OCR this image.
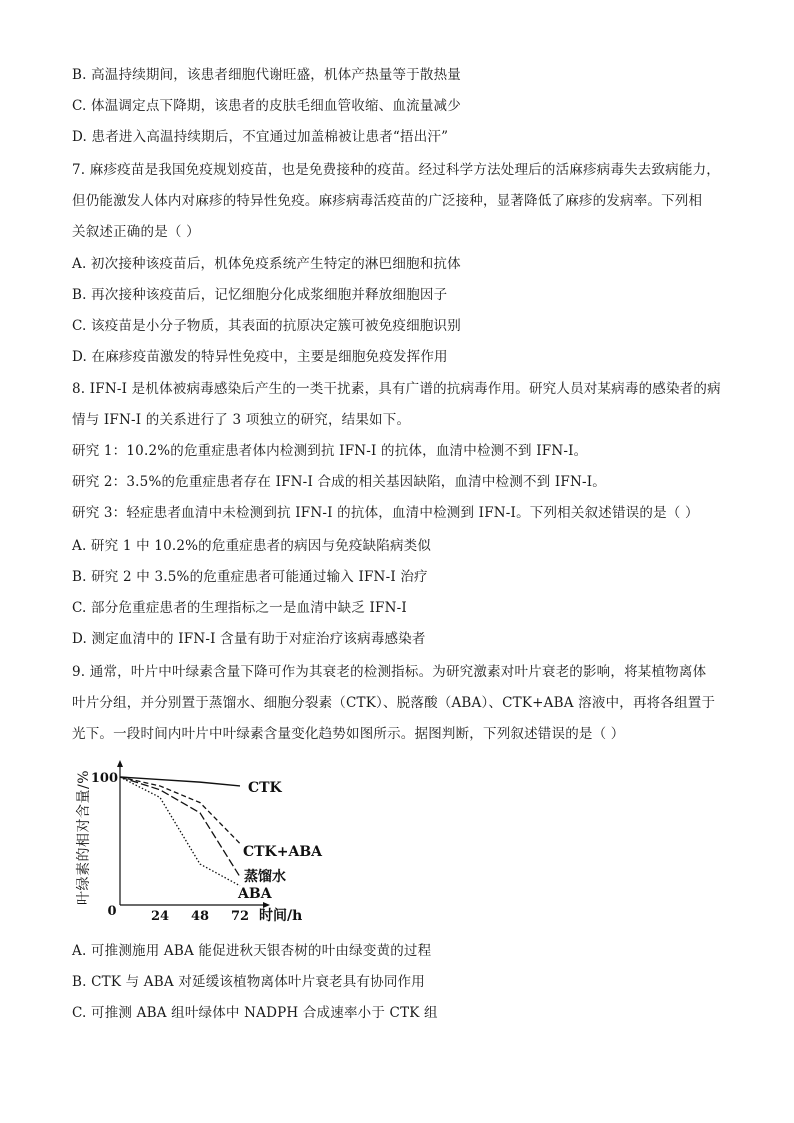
B. 高温持续期间，该患者细胞代谢旺盛，机体产热量等于散热量
C. 体温调定点下降期，该患者的皮肤毛细血管收缩、血流量减少
D. 患者进入高温持续期后，不宜通过加盖棉被让患者“捂出汗”
7. 麻疹疫苗是我国免疫规划疫苗，也是免费接种的疫苗。经过科学方法处理后的活麻疹病毒失去致病能力，
但仍能激发人体内对麻疹的特异性免疫。麻疹病毒活疫苗的广泛接种，显著降低了麻疹的发病率。下列相
关叙述正确的是（ ）
A. 初次接种该疫苗后，机体免疫系统产生特定的淋巴细胞和抗体
B. 再次接种该疫苗后，记忆细胞分化成浆细胞并释放细胞因子
C. 该疫苗是小分子物质，其表面的抗原决定簇可被免疫细胞识别
D. 在麻疹疫苗激发的特异性免疫中，主要是细胞免疫发挥作用
8. IFN-I 是机体被病毒感染后产生的一类干扰素，具有广谱的抗病毒作用。研究人员对某病毒的感染者的病
情与 IFN-I 的关系进行了 3 项独立的研究，结果如下。
研究 1：10.2%的危重症患者体内检测到抗 IFN-I 的抗体，血清中检测不到 IFN-I。
研究 2：3.5%的危重症患者存在 IFN-I 合成的相关基因缺陷，血清中检测不到 IFN-I。
研究 3：轻症患者血清中未检测到抗 IFN-I 的抗体，血清中检测到 IFN-I。下列相关叙述错误的是（ ）
A. 研究 1 中 10.2%的危重症患者的病因与免疫缺陷病类似
B. 研究 2 中 3.5%的危重症患者可能通过输入 IFN-I 治疗
C. 部分危重症患者的生理指标之一是血清中缺乏 IFN-I
D. 测定血清中的 IFN-I 含量有助于对症治疗该病毒感染者
9. 通常，叶片中叶绿素含量下降可作为其衰老的检测指标。为研究激素对叶片衰老的影响，将某植物离体
叶片分组，并分别置于蒸馏水、细胞分裂素（CTK）、脱落酸（ABA）、CTK+ABA 溶液中，再将各组置于
光下。一段时间内叶片中叶绿素含量变化趋势如图所示。据图判断，下列叙述错误的是（ ）
A. 可推测施用 ABA 能促进秋天银杏树的叶由绿变黄的过程
B. CTK 与 ABA 对延缓该植物离体叶片衰老具有协同作用
C. 可推测 ABA 组叶绿体中 NADPH 合成速率小于 CTK 组
叶绿素的相对含量/%
时间/h
0	24 48 72
100
CTK
CTK+ABA
蒸馏水
ABA
